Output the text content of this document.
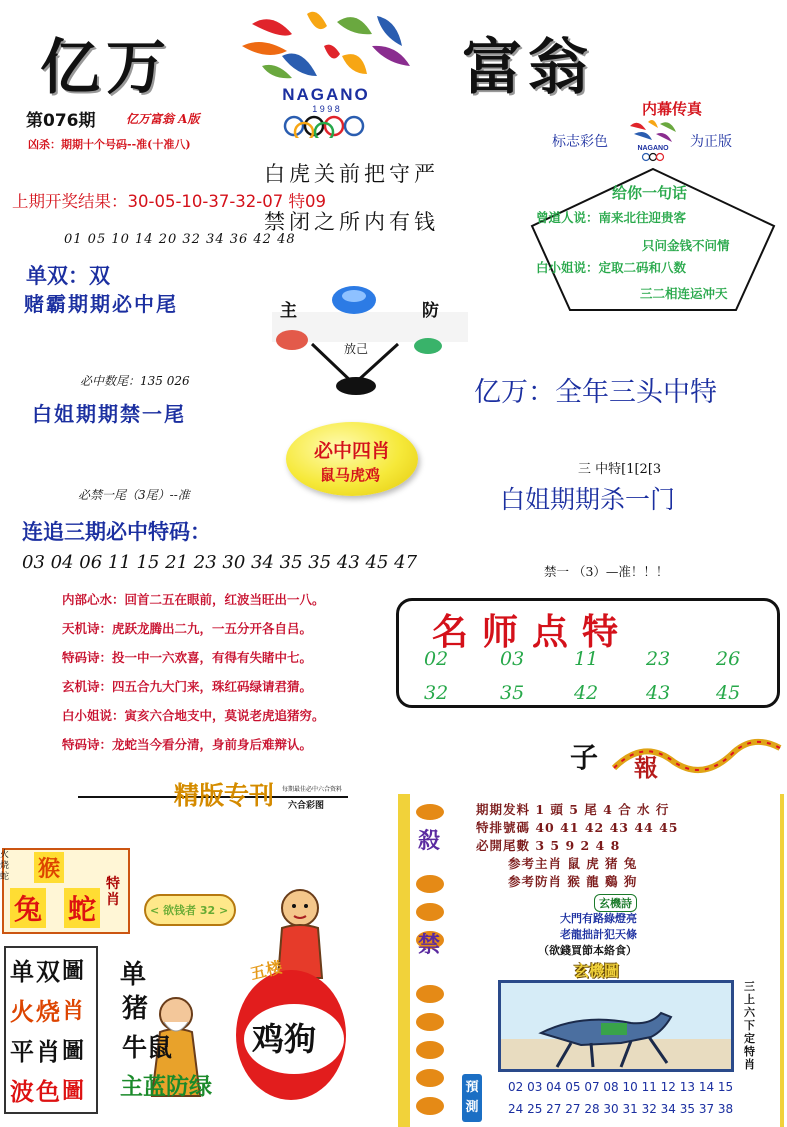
亿万	富翁
NAGANO
1 9 9 8
第076期	亿万富翁 A版
凶杀：期期十个号码--准(十准八)
内幕传真
标志彩色	NAGANO 为正版
上期开奖结果：30-05-10-37-32-07 特09
白虎关前把守严
禁闭之所内有钱
给你一句话
曾道人说：南来北往迎贵客
只问金钱不问情
白小姐说：定取二码和八数
三二相连运冲天
01 05 10 14 20 32 34 36 42 48
单双：双
赌霸期期必中尾	主	防
放己
必中数尾：135 026
白姐期期禁一尾
亿万：全年三头中特
必中四肖
鼠马虎鸡	三 中特[1[2[3
白姐期期杀一门
必禁一尾（3尾）--准
连追三期必中特码：
03 04 06 11 15 21 23 30 34 35 35 43 45 47	禁一 （3）—准！！！
内部心水：回首二五在眼前，红波当旺出一八。
天机诗：虎跃龙腾出二九，一五分开各自吕。
特码诗：投一中一六欢喜，有得有失睹中七。
玄机诗：四五合九大门来，珠红码绿请君猜。
白小姐说：寅亥六合地支中，莫说老虎追猪穷。
特码诗：龙蛇当今看分清，身前身后难辩认。
名师点特
02	03	11	23 26
32	35	42	43 45
精版专刊 每期最佳必中六合资料
六合彩图
猴
兔 蛇
特肖
火烧蛇
< 欲钱者 32 >
单
火
平
波
双
烧
肖
色
圖
肖
圖
圖
单
猪
牛鼠
主蓝防绿
鸡狗
五楼
子 報
殺
禁
期期发料 1 頭 5 尾 4 合 水 行
特排號碼 40 41 42 43 44 45
必開尾數 3 5 9 2 4 8
参考主肖 鼠 虎 猪 兔
参考防肖 猴 龍 鷄 狗
玄機詩
大門有路綠燈亮
老龍拙計犯天條
（欲錢買節本絡食）
玄機圖
三上六下定特肖
預測
02 03 04 05 07 08 10 11 12 13 14 15
24 25 27 27 28 30 31 32 34 35 37 38
